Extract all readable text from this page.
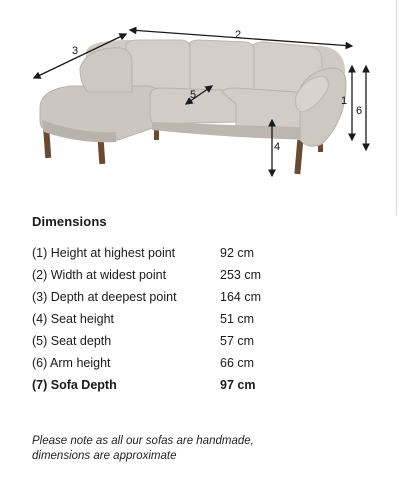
1
2
3
4
5
6
Dimensions
(1) Height at highest point	92 cm
(2) Width at widest point	253 cm
(3) Depth at deepest point	164 cm
(4) Seat height	51 cm
(5) Seat depth	57 cm
(6) Arm height	66 cm
(7) Sofa Depth	97 cm
Please note as all our sofas are handmade,
dimensions are approximate
